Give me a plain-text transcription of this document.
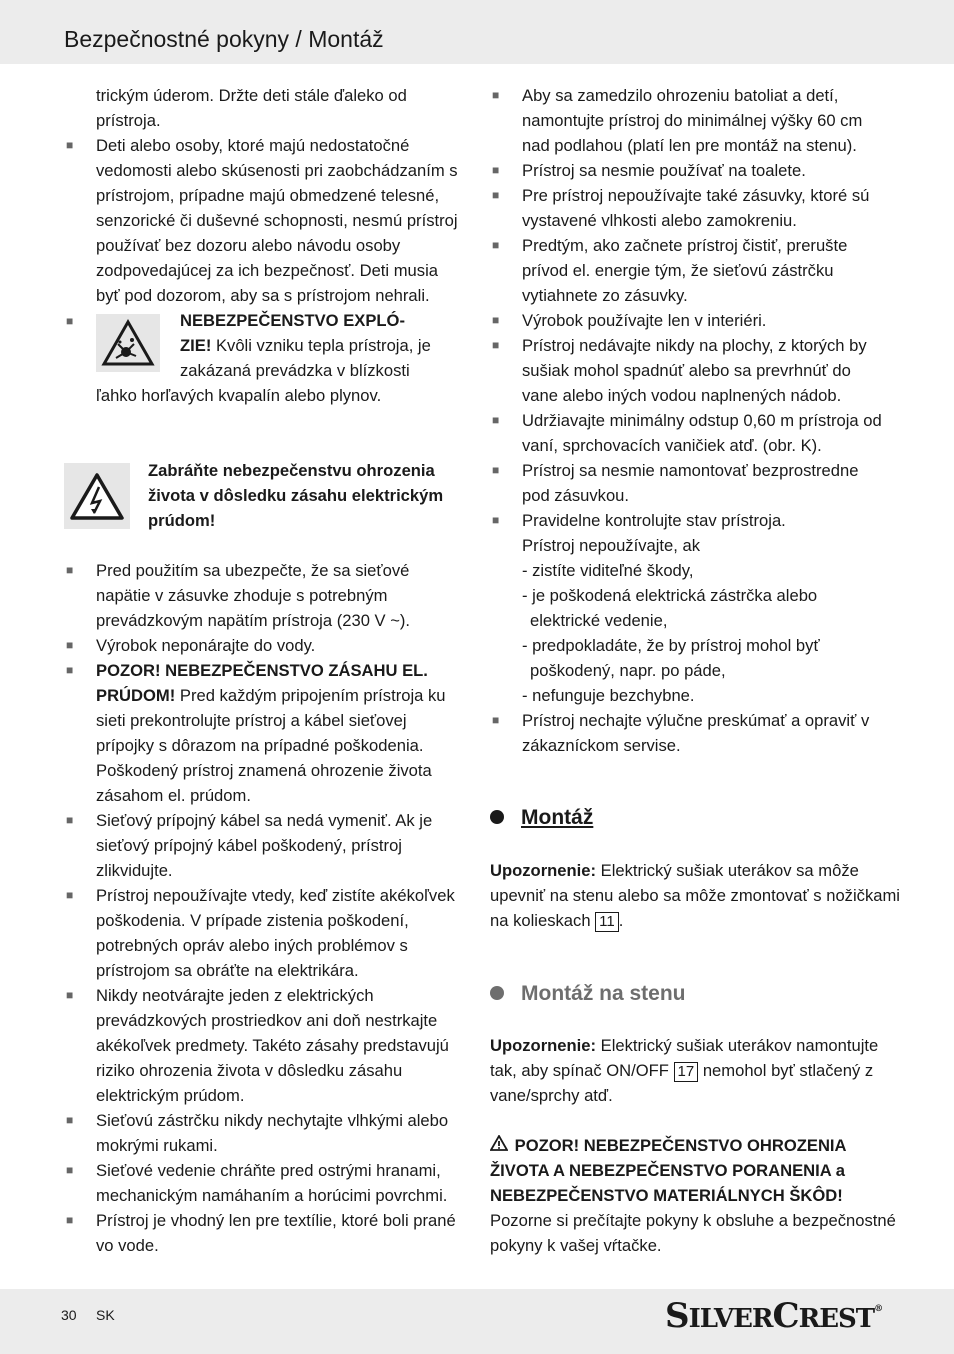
Bezpečnostné pokyny / Montáž
trickým úderom. Držte deti stále ďaleko od prístroja.
■ Deti alebo osoby, ktoré majú nedostatočné vedomosti alebo skúsenosti pri zaobchádzaním s prístrojom, prípadne majú obmedzené telesné, senzorické či duševné schopnosti, nesmú prístroj používať bez dozoru alebo návodu osoby zodpovedajúcej za ich bezpečnosť. Deti musia byť pod dozorom, aby sa s prístrojom nehrali.
■	NEBEZPEČENSTVO EXPLÓ-
ZIE! Kvôli vzniku tepla prístroja, je
zakázaná prevádzka v blízkosti
ľahko horľavých kvapalín alebo plynov.
Zabráňte nebezpečenstvu ohrozenia života v dôsledku zásahu elektrickým prúdom!
■ Pred použitím sa ubezpečte, že sa sieťové napätie v zásuvke zhoduje s potrebným prevádzkovým napätím prístroja (230 V ~).
■ Výrobok neponárajte do vody.
■ POZOR! NEBEZPEČENSTVO ZÁSAHU EL. PRÚDOM! Pred každým pripojením prístroja ku sieti prekontrolujte prístroj a kábel sieťovej prípojky s dôrazom na prípadné poškodenia. Poškodený prístroj znamená ohrozenie života zásahom el. prúdom.
■ Sieťový prípojný kábel sa nedá vymeniť. Ak je sieťový prípojný kábel poškodený, prístroj zlikvidujte.
■ Prístroj nepoužívajte vtedy, keď zistíte akékoľvek poškodenia. V prípade zistenia poškodení, potrebných opráv alebo iných problémov s prístrojom sa obráťte na elektrikára.
■ Nikdy neotvárajte jeden z elektrických prevádzkových prostriedkov ani doň nestrkajte akékoľvek predmety. Takéto zásahy predstavujú riziko ohrozenia života v dôsledku zásahu elektrickým prúdom.
■ Sieťovú zástrčku nikdy nechytajte vlhkými alebo mokrými rukami.
■ Sieťové vedenie chráňte pred ostrými hranami, mechanickým namáhaním a horúcimi povrchmi.
■ Prístroj je vhodný len pre textílie, ktoré boli prané vo vode.
■ Aby sa zamedzilo ohrozeniu batoliat a detí, namontujte prístroj do minimálnej výšky 60 cm nad podlahou (platí len pre montáž na stenu).
■ Prístroj sa nesmie používať na toalete.
■ Pre prístroj nepoužívajte také zásuvky, ktoré sú vystavené vlhkosti alebo zamokreniu.
■ Predtým, ako začnete prístroj čistiť, prerušte prívod el. energie tým, že sieťovú zástrčku vytiahnete zo zásuvky.
■ Výrobok používajte len v interiéri.
■ Prístroj nedávajte nikdy na plochy, z ktorých by sušiak mohol spadnúť alebo sa prevrhnúť do vane alebo iných vodou naplnených nádob.
■ Udržiavajte minimálny odstup 0,60 m prístroja od vaní, sprchovacích vaničiek atď. (obr. K).
■ Prístroj sa nesmie namontovať bezprostredne pod zásuvkou.
■ Pravidelne kontrolujte stav prístroja.
Prístroj nepoužívajte, ak
- zistíte viditeľné škody,
- je poškodená elektrická zástrčka alebo elektrické vedenie,
- predpokladáte, že by prístroj mohol byť poškodený, napr. po páde,
- nefunguje bezchybne.
■ Prístroj nechajte výlučne preskúmať a opraviť v zákazníckom servise.
Montáž
Upozornenie: Elektrický sušiak uterákov sa môže upevniť na stenu alebo sa môže zmontovať s nožičkami na kolieskach 11 .
Montáž na stenu
Upozornenie: Elektrický sušiak uterákov namontujte tak, aby spínač ON/OFF 17 nemohol byť stlačený z vane/sprchy atď.
POZOR! NEBEZPEČENSTVO OHROZENIA ŽIVOTA A NEBEZPEČENSTVO PORANENIA a NEBEZPEČENSTVO MATERIÁLNYCH ŠKÔD! Pozorne si prečítajte pokyny k obsluhe a bezpečnostné pokyny k vašej vŕtačke.
30 SK	SILVERCREST®
